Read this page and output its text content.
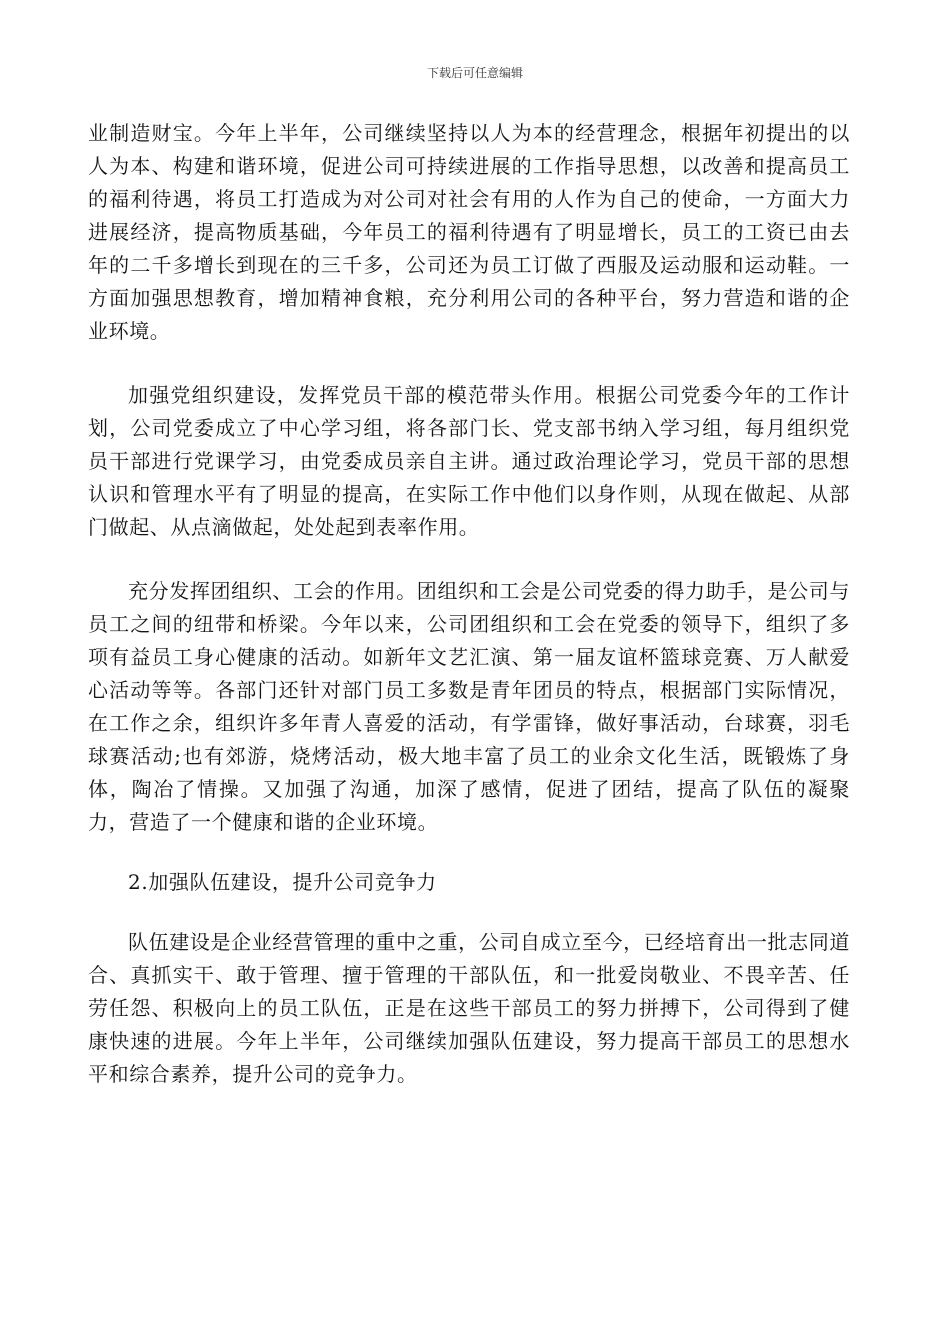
下载后可任意编辑

业制造财宝。今年上半年，公司继续坚持以人为本的经营理念，根据年初提出的以人为本、构建和谐环境，促进公司可持续进展的工作指导思想，以改善和提高员工的福利待遇，将员工打造成为对公司对社会有用的人作为自己的使命，一方面大力进展经济，提高物质基础，今年员工的福利待遇有了明显增长，员工的工资已由去年的二千多增长到现在的三千多，公司还为员工订做了西服及运动服和运动鞋。一方面加强思想教育，增加精神食粮，充分利用公司的各种平台，努力营造和谐的企业环境。

加强党组织建设，发挥党员干部的模范带头作用。根据公司党委今年的工作计划，公司党委成立了中心学习组，将各部门长、党支部书纳入学习组，每月组织党员干部进行党课学习，由党委成员亲自主讲。通过政治理论学习，党员干部的思想认识和管理水平有了明显的提高，在实际工作中他们以身作则，从现在做起、从部门做起、从点滴做起，处处起到表率作用。

充分发挥团组织、工会的作用。团组织和工会是公司党委的得力助手，是公司与员工之间的纽带和桥梁。今年以来，公司团组织和工会在党委的领导下，组织了多项有益员工身心健康的活动。如新年文艺汇演、第一届友谊杯篮球竞赛、万人献爱心活动等等。各部门还针对部门员工多数是青年团员的特点，根据部门实际情况，在工作之余，组织许多年青人喜爱的活动，有学雷锋，做好事活动，台球赛，羽毛球赛活动;也有郊游，烧烤活动，极大地丰富了员工的业余文化生活，既锻炼了身体，陶冶了情操。又加强了沟通，加深了感情，促进了团结，提高了队伍的凝聚力，营造了一个健康和谐的企业环境。

2.加强队伍建设，提升公司竞争力

队伍建设是企业经营管理的重中之重，公司自成立至今，已经培育出一批志同道合、真抓实干、敢于管理、擅于管理的干部队伍，和一批爱岗敬业、不畏辛苦、任劳任怨、积极向上的员工队伍，正是在这些干部员工的努力拼搏下，公司得到了健康快速的进展。今年上半年，公司继续加强队伍建设，努力提高干部员工的思想水平和综合素养，提升公司的竞争力。
